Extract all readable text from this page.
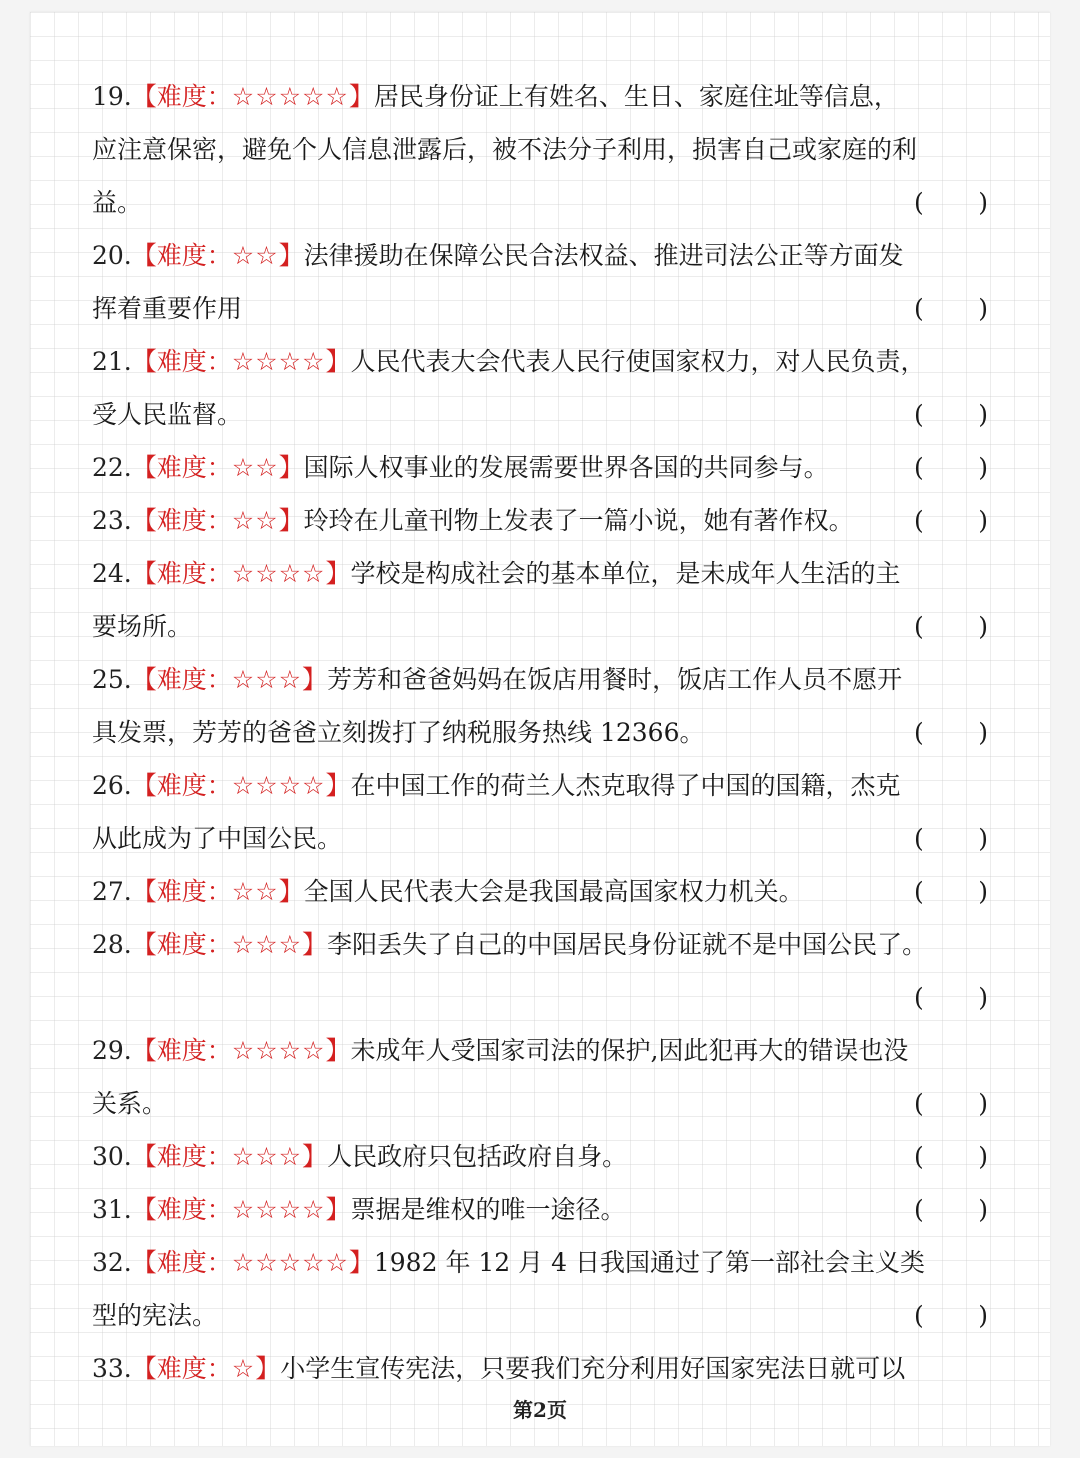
19.【难度：☆☆☆☆☆】居民身份证上有姓名、生日、家庭住址等信息，
应注意保密，避免个人信息泄露后，被不法分子利用，损害自己或家庭的利
益。	( )
20.【难度：☆☆】法律援助在保障公民合法权益、推进司法公正等方面发
挥着重要作用	( )
21.【难度：☆☆☆☆】人民代表大会代表人民行使国家权力，对人民负责，
受人民监督。	( )
22.【难度：☆☆】国际人权事业的发展需要世界各国的共同参与。	( )
23.【难度：☆☆】玲玲在儿童刊物上发表了一篇小说，她有著作权。 ( )
24.【难度：☆☆☆☆】学校是构成社会的基本单位，是未成年人生活的主
要场所。	( )
25.【难度：☆☆☆】芳芳和爸爸妈妈在饭店用餐时，饭店工作人员不愿开
具发票，芳芳的爸爸立刻拨打了纳税服务热线 12366。	( )
26.【难度：☆☆☆☆】在中国工作的荷兰人杰克取得了中国的国籍，杰克
从此成为了中国公民。	( )
27.【难度：☆☆】全国人民代表大会是我国最高国家权力机关。	( )
28.【难度：☆☆☆】李阳丢失了自己的中国居民身份证就不是中国公民了。
( )
29.【难度：☆☆☆☆】未成年人受国家司法的保护,因此犯再大的错误也没
关系。	( )
30.【难度：☆☆☆】人民政府只包括政府自身。	( )
31.【难度：☆☆☆☆】票据是维权的唯一途径。	( )
32.【难度：☆☆☆☆☆】1982 年 12 月 4 日我国通过了第一部社会主义类
型的宪法。	( )
33.【难度：☆】小学生宣传宪法，只要我们充分利用好国家宪法日就可以
第2页
